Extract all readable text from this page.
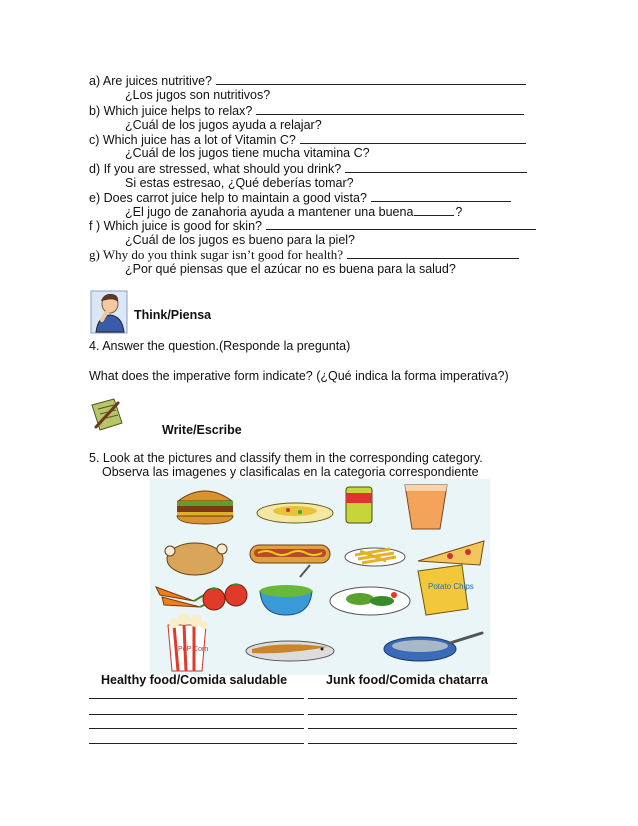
a) Are juices nutritive?
¿Los jugos son nutritivos?
b) Which juice helps to relax?
¿Cuál de los jugos ayuda a relajar?
c) Which juice has a lot of Vitamin C?
¿Cuál de los jugos tiene mucha vitamina C?
d) If you are stressed, what should you drink?
Si estas estresao, ¿Qué deberías tomar?
e) Does carrot juice help to maintain a good vista?
¿El jugo de zanahoria ayuda a mantener una buena	?
f ) Which juice is good for skin?
¿Cuál de los jugos es bueno para la piel?
g) Why do you think sugar isn’t good for health?
¿Por qué piensas que el azúcar no es buena para la salud?
Think/Piensa
4. Answer the question.(Responde la pregunta)
What does the imperative form indicate? (¿Qué indica la forma imperativa?)
Write/Escribe
5. Look at the pictures and classify them in the corresponding category.
Observa las imagenes y clasificalas en la categoria correspondiente
Potato Chips
PoP Corn
Healthy food/Comida saludable	Junk food/Comida chatarra
